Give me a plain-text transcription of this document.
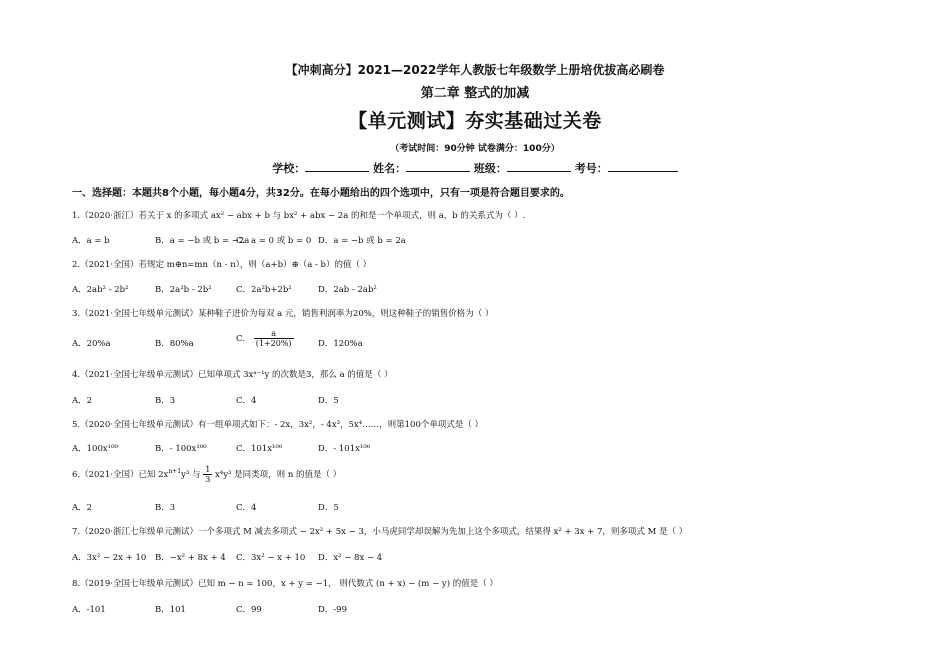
【冲刺高分】2021—2022学年人教版七年级数学上册培优拔高必刷卷
第二章 整式的加减
【单元测试】夯实基础过关卷
（考试时间：90分钟 试卷满分：100分）
学校：	姓名：	班级：	考号：
一、选择题：本题共8个小题，每小题4分，共32分。在每小题给出的四个选项中，只有一项是符合题目要求的。
1.（2020·浙江）若关于 x 的多项式 ax² − abx + b 与 bx² + abx − 2a 的和是一个单项式，则 a，b 的关系式为（ ）.
A．a = b	B．a = −b 或 b = −2a
C．a = 0 或 b = 0 D．a = −b 或 b = 2a
2.（2021·全国）若规定 m⊕n=mn（n - n），则（a+b）⊕（a - b）的值（ ）
A．2ab² - 2b²	B．2a²b - 2b²	C．2a²b+2b²	D．2ab - 2ab²
3.（2021·全国七年级单元测试）某种鞋子进价为每双 a 元，销售利润率为20%，则这种鞋子的销售价格为（ ）
A．20%a	B．80%a	C． $\frac{a}{(1+20\%)}$	D．120%a
4.（2021·全国七年级单元测试）已知单项式 3xᵃ⁻¹y 的次数是3，那么 a 的值是（ ）
A．2	B．3	C．4	D．5
5.（2020·全国七年级单元测试）有一组单项式如下：- 2x，3x²，- 4x³，5x⁴……，则第100个单项式是（ ）
A．100x¹⁰⁰	B．- 100x¹⁰⁰	C．101x¹⁰⁰	D．- 101x¹⁰⁰
6.（2021·全国）已知 $2x^{n+1}y^3$ 与 $\frac{1}{3} x^4y^3$ 是同类项，则 n 的值是（ ）
A．2	B．3	C．4	D．5
7.（2020·浙江七年级单元测试）一个多项式 M 减去多项式 − 2x² + 5x − 3，小马虎同学却误解为先加上这个多项式，结果得 x² + 3x + 7，则多项式 M 是（ ）
A．3x² − 2x + 10 B．−x² + 8x + 4 C．3x² − x + 10 D．x² − 8x − 4
8.（2019·全国七年级单元测试）已知 m − n = 100，x + y = −1， 则代数式 (n + x) − (m − y) 的值是（ ）
A．-101	B．101	C．99	D．-99
